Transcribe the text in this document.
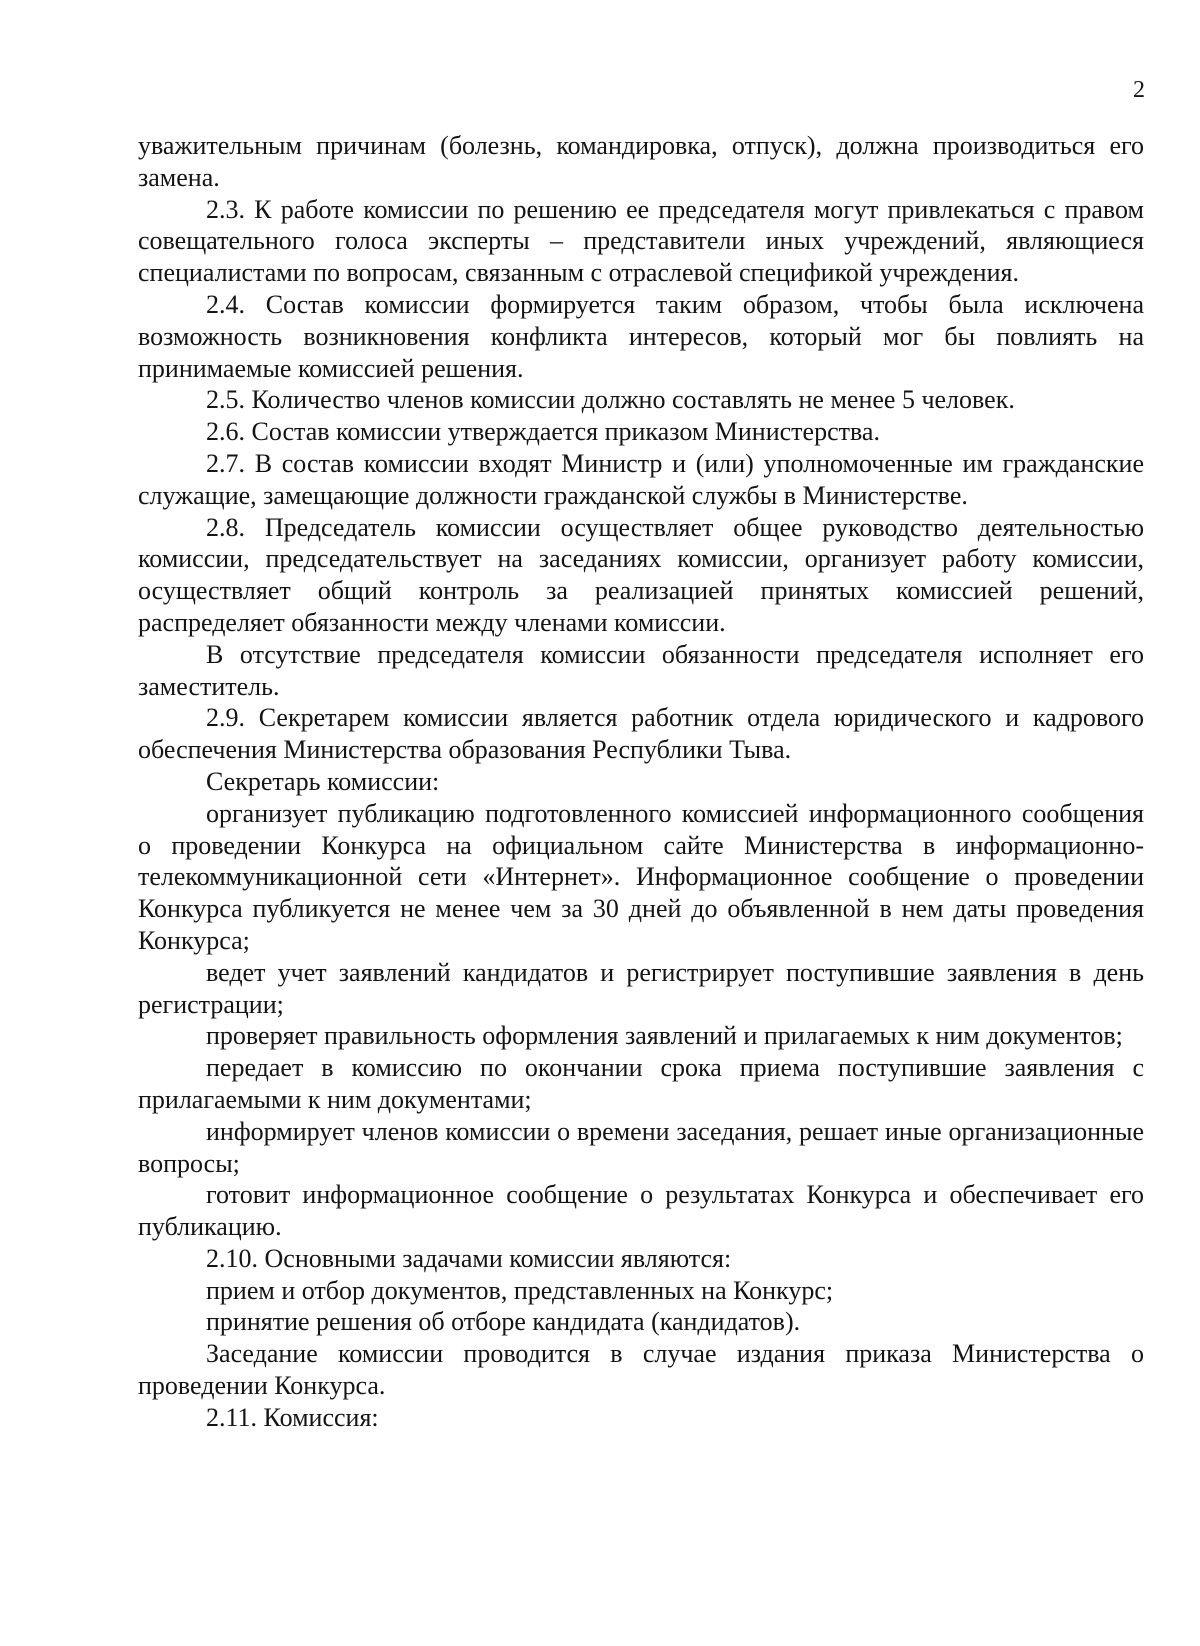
2

уважительным причинам (болезнь, командировка, отпуск), должна производиться его замена.

2.3. К работе комиссии по решению ее председателя могут привлекаться с правом совещательного голоса эксперты – представители иных учреждений, являющиеся специалистами по вопросам, связанным с отраслевой спецификой учреждения.

2.4. Состав комиссии формируется таким образом, чтобы была исключена возможность возникновения конфликта интересов, который мог бы повлиять на принимаемые комиссией решения.

2.5. Количество членов комиссии должно составлять не менее 5 человек.

2.6. Состав комиссии утверждается приказом Министерства.

2.7. В состав комиссии входят Министр и (или) уполномоченные им гражданские служащие, замещающие должности гражданской службы в Министерстве.

2.8. Председатель комиссии осуществляет общее руководство деятельностью комиссии, председательствует на заседаниях комиссии, организует работу комиссии, осуществляет общий контроль за реализацией принятых комиссией решений, распределяет обязанности между членами комиссии.

В отсутствие председателя комиссии обязанности председателя исполняет его заместитель.

2.9. Секретарем комиссии является работник отдела юридического и кадрового обеспечения Министерства образования Республики Тыва.

Секретарь комиссии:

организует публикацию подготовленного комиссией информационного сообщения о проведении Конкурса на официальном сайте Министерства в информационно-телекоммуникационной сети «Интернет». Информационное сообщение о проведении Конкурса публикуется не менее чем за 30 дней до объявленной в нем даты проведения Конкурса;

ведет учет заявлений кандидатов и регистрирует поступившие заявления в день регистрации;

проверяет правильность оформления заявлений и прилагаемых к ним документов;

передает в комиссию по окончании срока приема поступившие заявления с прилагаемыми к ним документами;

информирует членов комиссии о времени заседания, решает иные организационные вопросы;

готовит информационное сообщение о результатах Конкурса и обеспечивает его публикацию.

2.10. Основными задачами комиссии являются:

прием и отбор документов, представленных на Конкурс;

принятие решения об отборе кандидата (кандидатов).

Заседание комиссии проводится в случае издания приказа Министерства о проведении Конкурса.

2.11. Комиссия:
